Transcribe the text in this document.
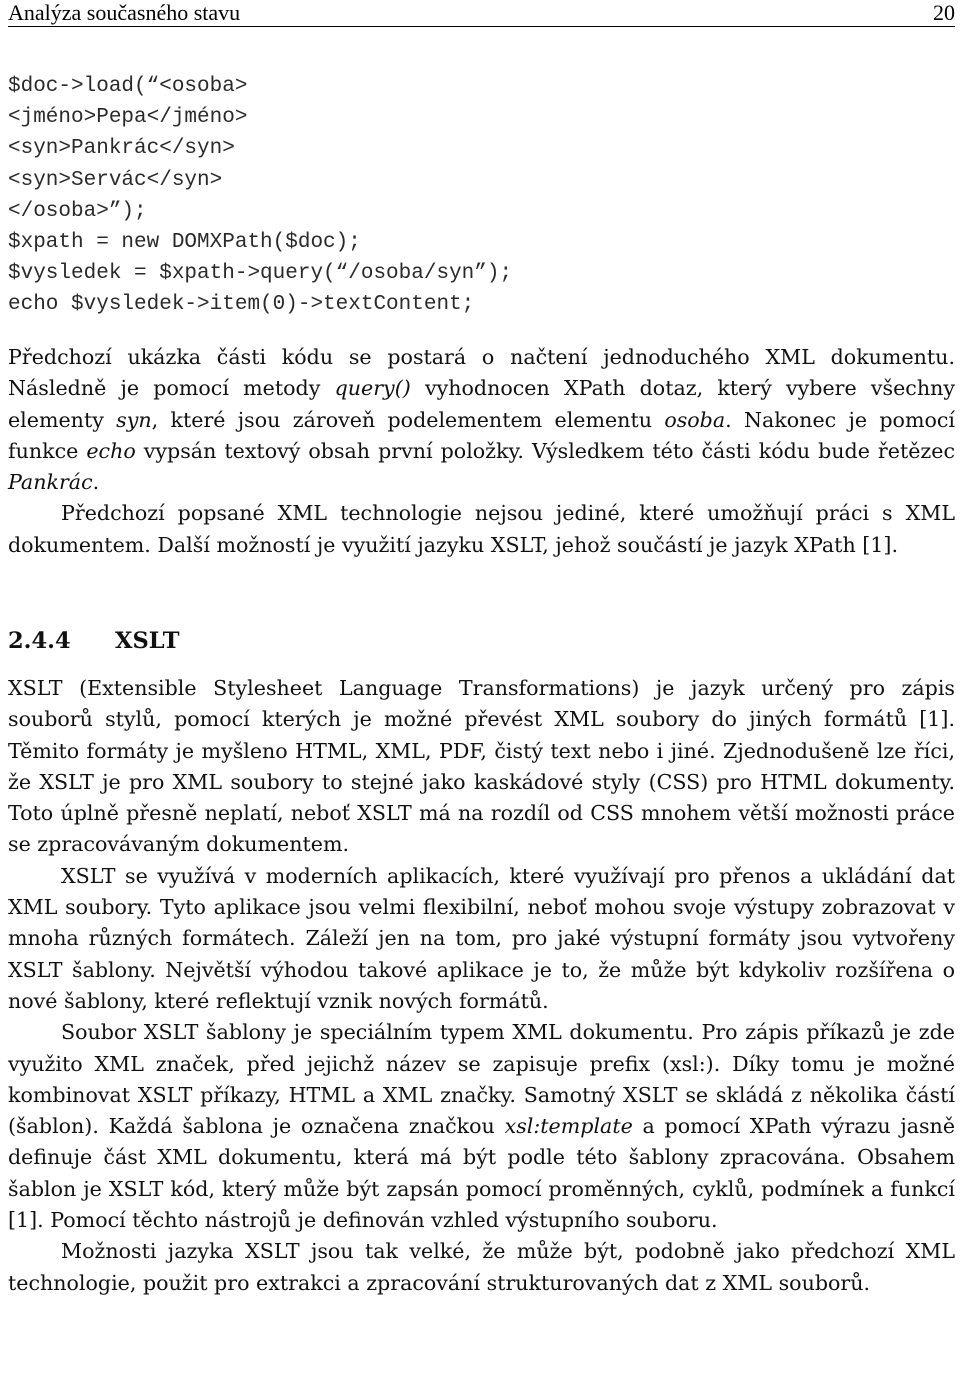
Analýza současného stavu	20
$doc->load(“<osoba>
<jméno>Pepa</jméno>
<syn>Pankrác</syn>
<syn>Servác</syn>
</osoba>”);
$xpath = new DOMXPath($doc);
$vysledek = $xpath->query(“/osoba/syn”);
echo $vysledek->item(0)->textContent;

Předchozí ukázka části kódu se postará o načtení jednoduchého XML dokumentu. Následně je pomocí metody query() vyhodnocen XPath dotaz, který vybere všechny elementy syn, které jsou zároveň podelementem elementu osoba. Nakonec je pomocí funkce echo vypsán textový obsah první položky. Výsledkem této části kódu bude řetězec Pankrác.

Předchozí popsané XML technologie nejsou jediné, které umožňují práci s XML dokumentem. Další možností je využití jazyku XSLT, jehož součástí je jazyk XPath [1].

2.4.4 XSLT

XSLT (Extensible Stylesheet Language Transformations) je jazyk určený pro zápis souborů stylů, pomocí kterých je možné převést XML soubory do jiných formátů [1]. Těmito formáty je myšleno HTML, XML, PDF, čistý text nebo i jiné. Zjednodušeně lze říci, že XSLT je pro XML soubory to stejné jako kaskádové styly (CSS) pro HTML dokumenty. Toto úplně přesně neplatí, neboť XSLT má na rozdíl od CSS mnohem větší možnosti práce se zpracovávaným dokumentem.

XSLT se využívá v moderních aplikacích, které využívají pro přenos a ukládání dat XML soubory. Tyto aplikace jsou velmi flexibilní, neboť mohou svoje výstupy zobrazovat v mnoha různých formátech. Záleží jen na tom, pro jaké výstupní formáty jsou vytvořeny XSLT šablony. Největší výhodou takové aplikace je to, že může být kdykoliv rozšířena o nové šablony, které reflektují vznik nových formátů.

Soubor XSLT šablony je speciálním typem XML dokumentu. Pro zápis příkazů je zde využito XML značek, před jejichž název se zapisuje prefix (xsl:). Díky tomu je možné kombinovat XSLT příkazy, HTML a XML značky. Samotný XSLT se skládá z několika částí (šablon). Každá šablona je označena značkou xsl:template a pomocí XPath výrazu jasně definuje část XML dokumentu, která má být podle této šablony zpracována. Obsahem šablon je XSLT kód, který může být zapsán pomocí proměnných, cyklů, podmínek a funkcí [1]. Pomocí těchto nástrojů je definován vzhled výstupního souboru.

Možnosti jazyka XSLT jsou tak velké, že může být, podobně jako předchozí XML technologie, použit pro extrakci a zpracování strukturovaných dat z XML souborů.
